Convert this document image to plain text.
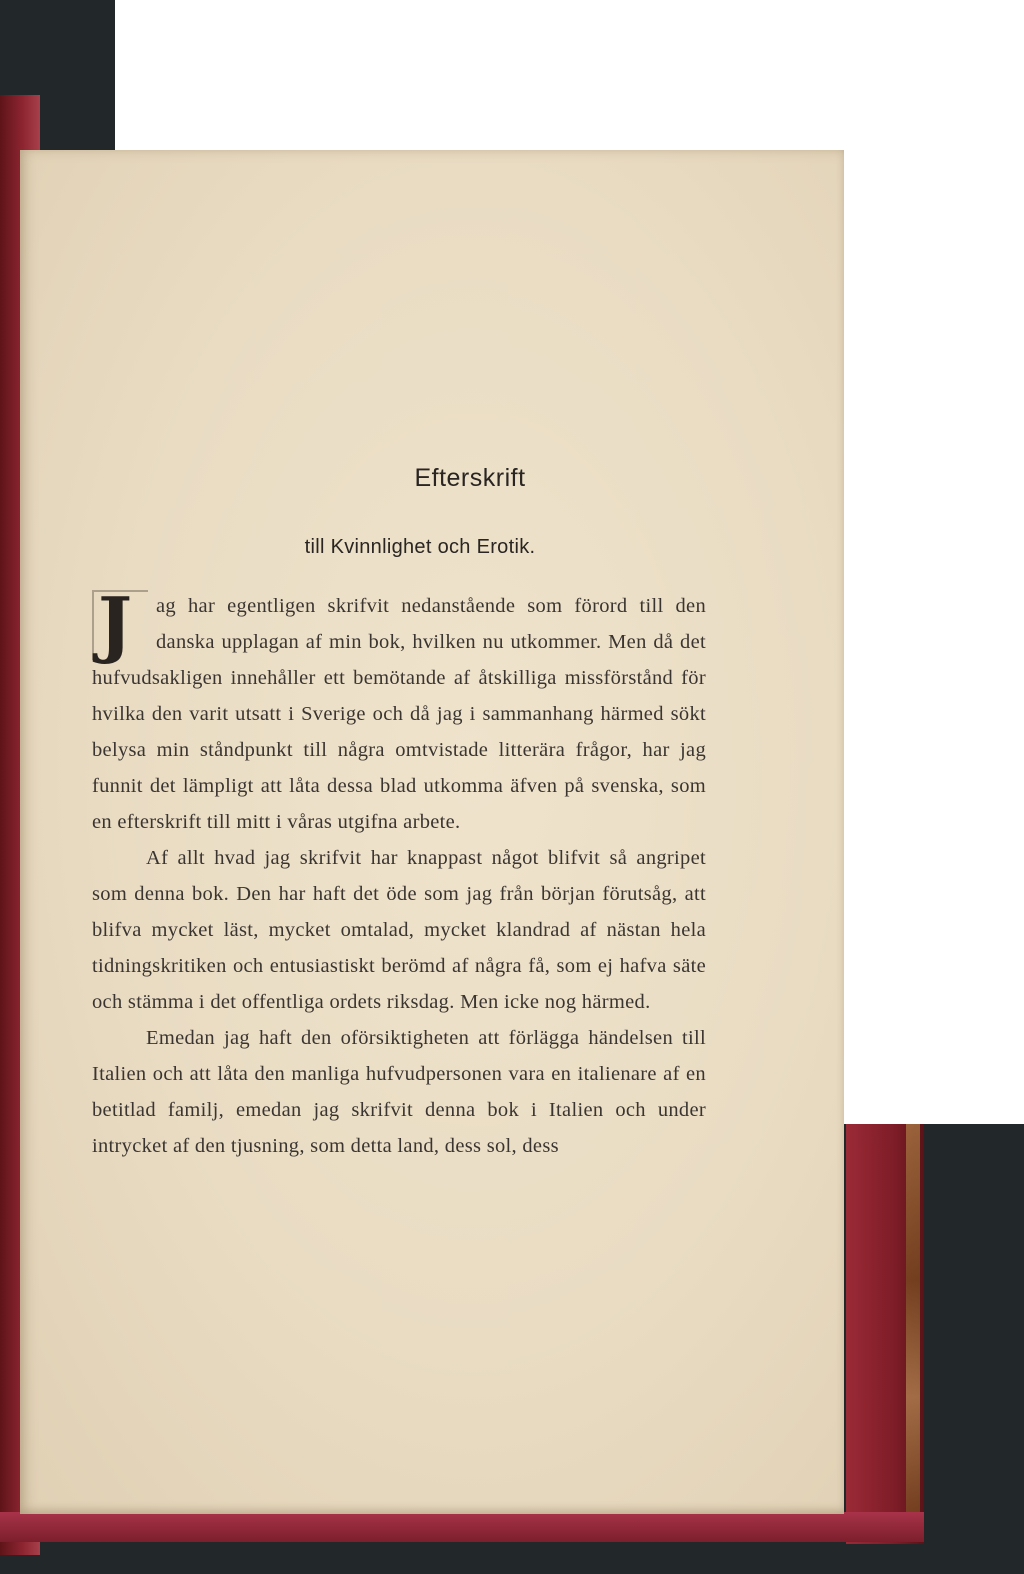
Efterskrift
till Kvinnlighet och Erotik.

J ag har egentligen skrifvit nedanstående som förord till den danska upplagan af min bok, hvilken nu utkommer. Men då det hufvudsakligen innehåller ett bemötande af åtskilliga missförstånd för hvilka den varit utsatt i Sverige och då jag i sammanhang härmed sökt belysa min ståndpunkt till några omtvistade litterära frågor, har jag funnit det lämpligt att låta dessa blad utkomma äfven på svenska, som en efterskrift till mitt i våras utgifna arbete.

Af allt hvad jag skrifvit har knappast något blifvit så angripet som denna bok. Den har haft det öde som jag från början förutsåg, att blifva mycket läst, mycket omtalad, mycket klandrad af nästan hela tidningskritiken och entusiastiskt berömd af några få, som ej hafva säte och stämma i det offentliga ordets riksdag. Men icke nog härmed.

Emedan jag haft den oförsiktigheten att förlägga händelsen till Italien och att låta den manliga hufvudpersonen vara en italienare af en betitlad familj, emedan jag skrifvit denna bok i Italien och under intrycket af den tjusning, som detta land, dess sol, dess
